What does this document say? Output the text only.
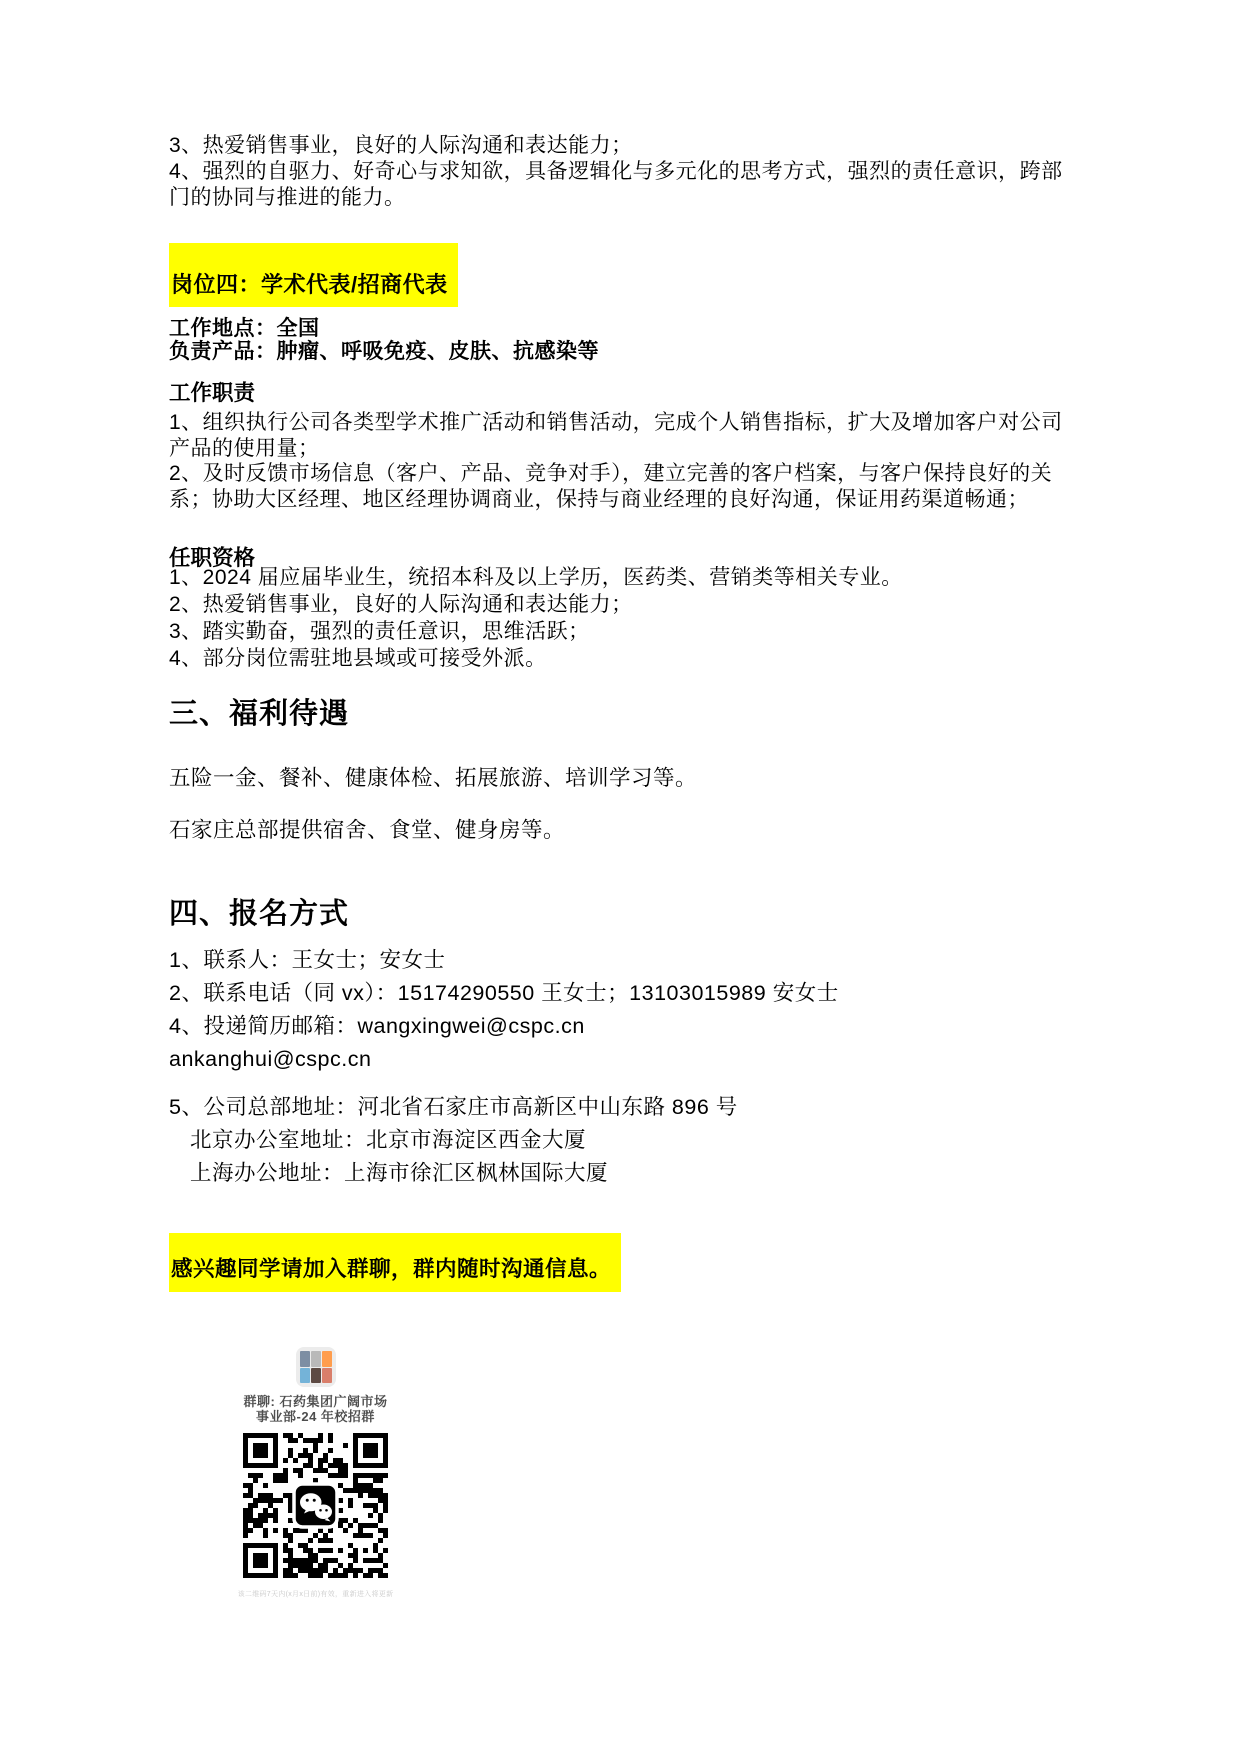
3、热爱销售事业，良好的人际沟通和表达能力；

4、强烈的自驱力、好奇心与求知欲，具备逻辑化与多元化的思考方式，强烈的责任意识，跨部门的协同与推进的能力。

岗位四：学术代表/招商代表

工作地点：全国

负责产品：肿瘤、呼吸免疫、皮肤、抗感染等

工作职责

1、组织执行公司各类型学术推广活动和销售活动，完成个人销售指标，扩大及增加客户对公司产品的使用量；

2、及时反馈市场信息（客户、产品、竞争对手），建立完善的客户档案，与客户保持良好的关系；协助大区经理、地区经理协调商业，保持与商业经理的良好沟通，保证用药渠道畅通；

任职资格

1、2024 届应届毕业生，统招本科及以上学历，医药类、营销类等相关专业。

2、热爱销售事业，良好的人际沟通和表达能力；

3、踏实勤奋，强烈的责任意识，思维活跃；

4、部分岗位需驻地县域或可接受外派。

三、福利待遇
五险一金、餐补、健康体检、拓展旅游、培训学习等。
石家庄总部提供宿舍、食堂、健身房等。
四、报名方式

1、联系人：王女士；安女士

2、联系电话（同 vx）：15174290550 王女士；13103015989 安女士

4、投递简历邮箱：wangxingwei@cspc.cn

ankanghui@cspc.cn

5、公司总部地址：河北省石家庄市高新区中山东路 896 号

北京办公室地址：北京市海淀区西金大厦

上海办公地址：上海市徐汇区枫林国际大厦

感兴趣同学请加入群聊，群内随时沟通信息。
群聊: 石药集团广阔市场
事业部-24 年校招群
该二维码7天内(x月x日前)有效，重新进入将更新
